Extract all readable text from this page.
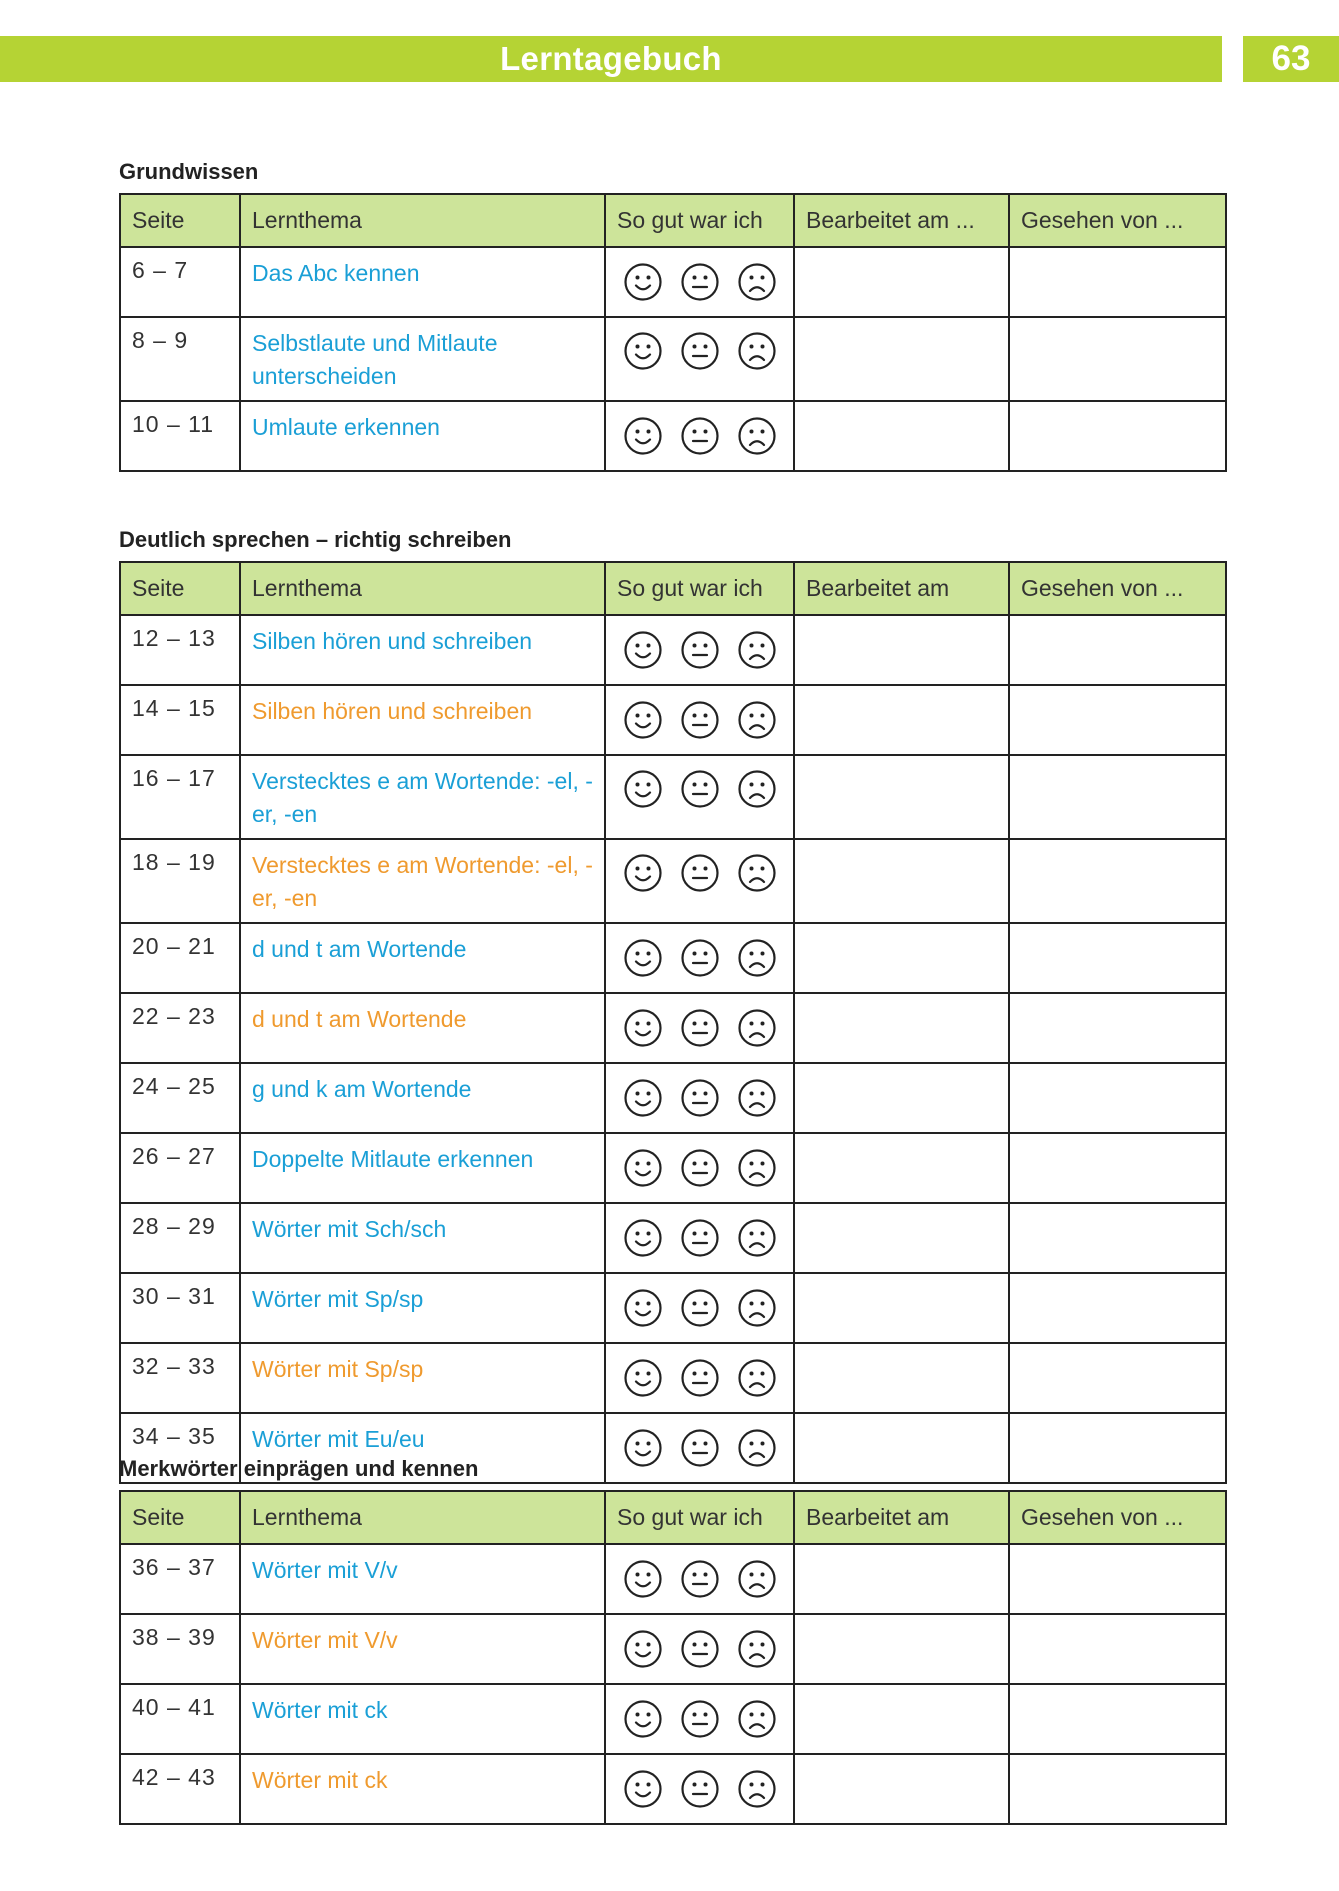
Lerntagebuch	63
Grundwissen
Seite	Lernthema	So gut war ich	Bearbeitet am ...	Gesehen von ...
6 – 7	Das Abc kennen	

8 – 9	Selbstlaute und Mitlaute unterscheiden	

10 – 11	Umlaute erkennen	

Deutlich sprechen – richtig schreiben
Seite	Lernthema	So gut war ich	Bearbeitet am	Gesehen von ...
12 – 13	Silben hören und schreiben	

14 – 15	Silben hören und schreiben	

16 – 17	Verstecktes e am Wortende: -el, -er, -en	

18 – 19	Verstecktes e am Wortende: -el, -er, -en	

20 – 21	d und t am Wortende	

22 – 23	d und t am Wortende	

24 – 25	g und k am Wortende	

26 – 27	Doppelte Mitlaute erkennen	

28 – 29	Wörter mit Sch/sch	

30 – 31	Wörter mit Sp/sp	

32 – 33	Wörter mit Sp/sp	

34 – 35	Wörter mit Eu/eu	

Merkwörter einprägen und kennen
Seite	Lernthema	So gut war ich	Bearbeitet am	Gesehen von ...
36 – 37	Wörter mit V/v	

38 – 39	Wörter mit V/v	

40 – 41	Wörter mit ck	

42 – 43	Wörter mit ck	
